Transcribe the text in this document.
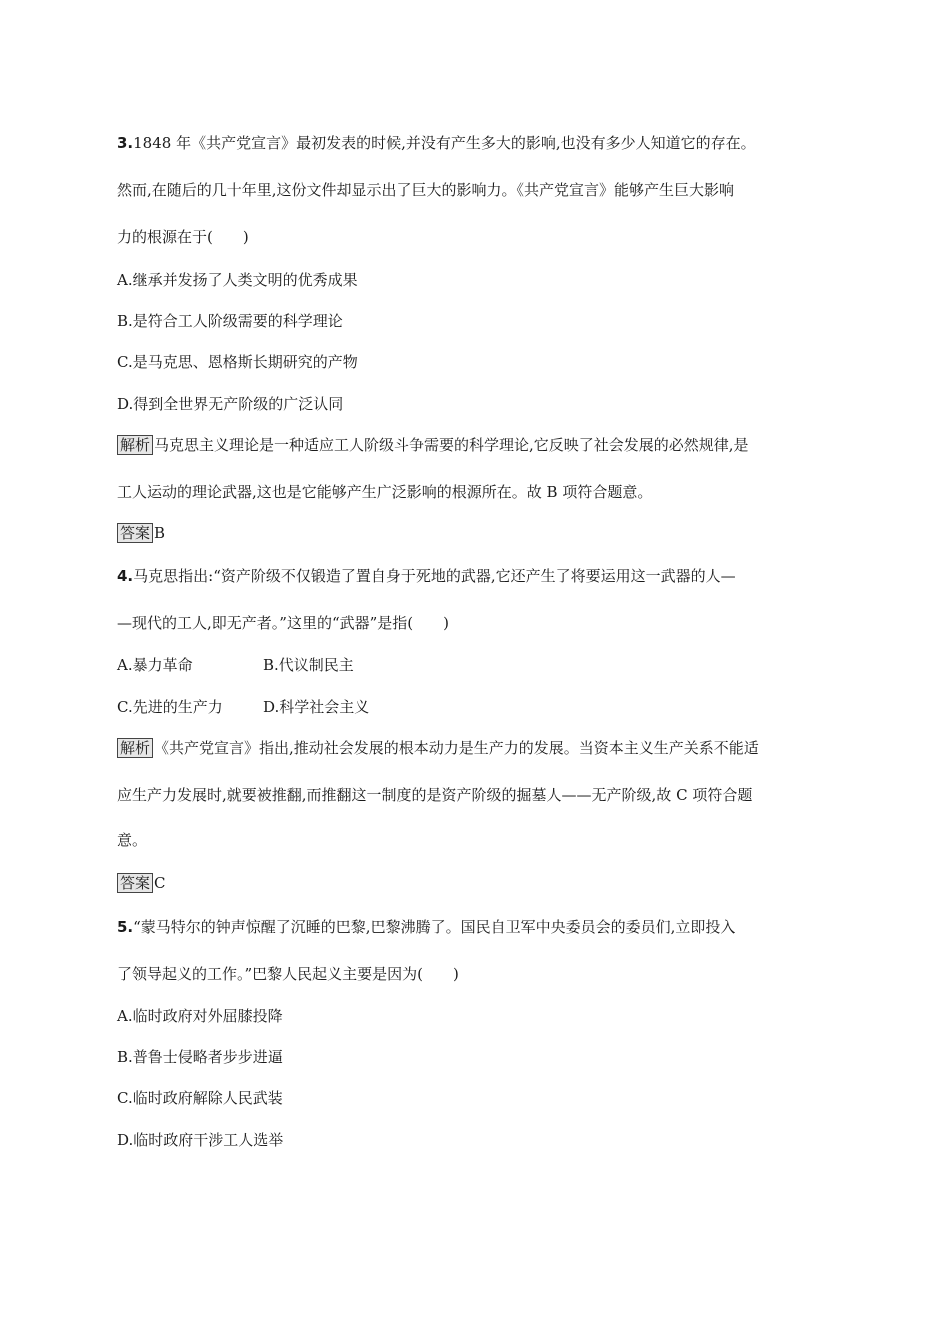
3.1848 年《共产党宣言》最初发表的时候,并没有产生多大的影响,也没有多少人知道它的存在。
然而,在随后的几十年里,这份文件却显示出了巨大的影响力。《共产党宣言》能够产生巨大影响
力的根源在于(　　)
A.继承并发扬了人类文明的优秀成果
B.是符合工人阶级需要的科学理论
C.是马克思、恩格斯长期研究的产物
D.得到全世界无产阶级的广泛认同
解析 马克思主义理论是一种适应工人阶级斗争需要的科学理论,它反映了社会发展的必然规律,是
工人运动的理论武器,这也是它能够产生广泛影响的根源所在。故 B 项符合题意。
答案 B
4.马克思指出:“资产阶级不仅锻造了置自身于死地的武器,它还产生了将要运用这一武器的人—
—现代的工人,即无产者。”这里的“武器”是指(　　)
A.暴力革命	B.代议制民主
C.先进的生产力	D.科学社会主义
解析 《共产党宣言》指出,推动社会发展的根本动力是生产力的发展。当资本主义生产关系不能适
应生产力发展时,就要被推翻,而推翻这一制度的是资产阶级的掘墓人——无产阶级,故 C 项符合题
意。
答案 C
5.“蒙马特尔的钟声惊醒了沉睡的巴黎,巴黎沸腾了。国民自卫军中央委员会的委员们,立即投入
了领导起义的工作。”巴黎人民起义主要是因为(　　)
A.临时政府对外屈膝投降
B.普鲁士侵略者步步进逼
C.临时政府解除人民武装
D.临时政府干涉工人选举
